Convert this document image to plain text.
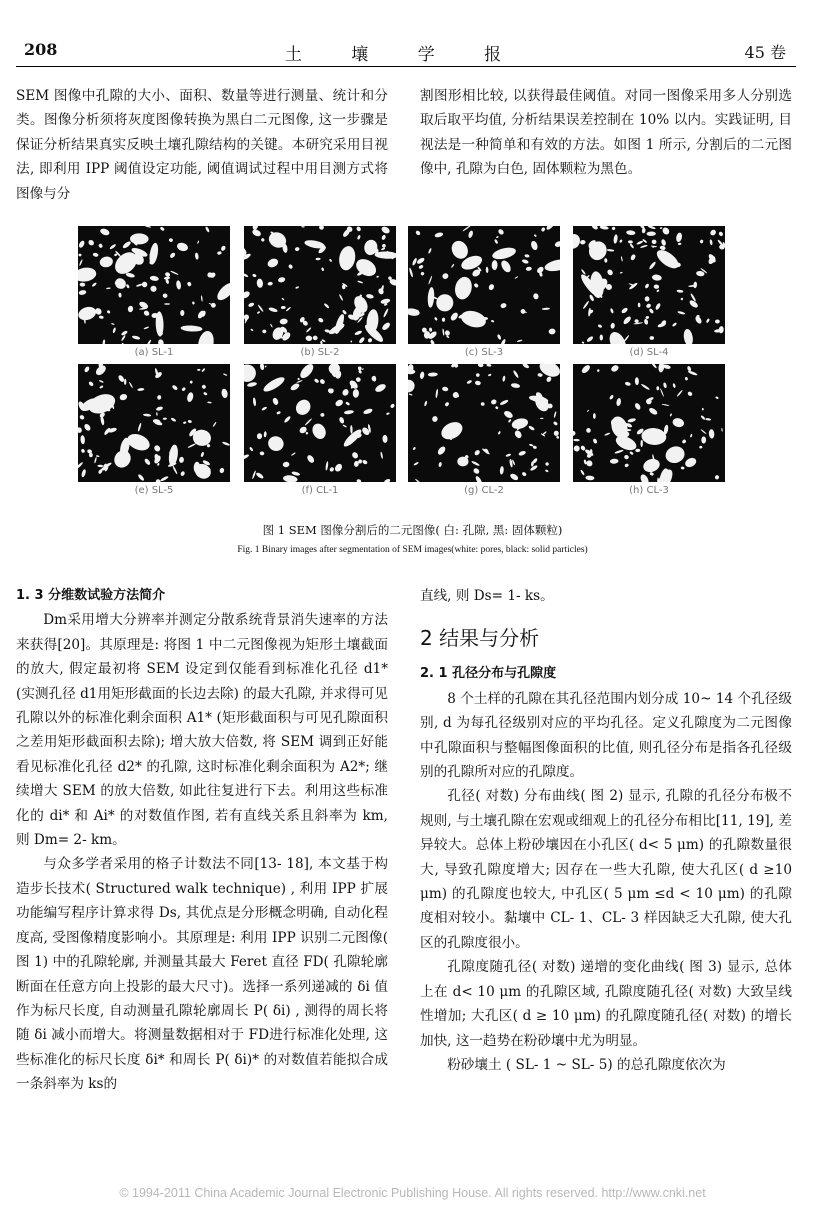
208	土 壤 学 报	45 卷

SEM 图像中孔隙的大小、面积、数量等进行测量、统计和分类。图像分析须将灰度图像转换为黑白二元图像, 这一步骤是保证分析结果真实反映土壤孔隙结构的关键。本研究采用目视法, 即利用 IPP 阈值设定功能, 阈值调试过程中用目测方式将图像与分

割图形相比较, 以获得最佳阈值。对同一图像采用多人分别选取后取平均值, 分析结果误差控制在 10% 以内。实践证明, 目视法是一种简单和有效的方法。如图 1 所示, 分割后的二元图像中, 孔隙为白色, 固体颗粒为黑色。

(a) SL-1	(b) SL-2	(c) SL-3	(d) SL-4
(e) SL-5	(f) CL-1	(g) CL-2	(h) CL-3
图 1 SEM 图像分割后的二元图像( 白: 孔隙, 黑: 固体颗粒)
Fig. 1 Binary images after segmentation of SEM images(white: pores, black: solid particles)

1. 3 分维数试验方法简介

Dm采用增大分辨率并测定分散系统背景消失速率的方法来获得[20]。其原理是: 将图 1 中二元图像视为矩形土壤截面的放大, 假定最初将 SEM 设定到仅能看到标准化孔径 d1* (实测孔径 d1用矩形截面的长边去除) 的最大孔隙, 并求得可见孔隙以外的标准化剩余面积 A1* (矩形截面积与可见孔隙面积之差用矩形截面积去除); 增大放大倍数, 将 SEM 调到正好能看见标准化孔径 d2* 的孔隙, 这时标准化剩余面积为 A2*; 继续增大 SEM 的放大倍数, 如此往复进行下去。利用这些标准化的 di* 和 Ai* 的对数值作图, 若有直线关系且斜率为 km, 则 Dm= 2- km。

与众多学者采用的格子计数法不同[13- 18], 本文基于构造步长技术( Structured walk technique) , 利用 IPP 扩展功能编写程序计算求得 Ds, 其优点是分形概念明确, 自动化程度高, 受图像精度影响小。其原理是: 利用 IPP 识别二元图像( 图 1) 中的孔隙轮廓, 并测量其最大 Feret 直径 FD( 孔隙轮廓断面在任意方向上投影的最大尺寸)。选择一系列递减的 δi 值作为标尺长度, 自动测量孔隙轮廓周长 P( δi) , 测得的周长将随 δi 减小而增大。将测量数据相对于 FD进行标准化处理, 这些标准化的标尺长度 δi* 和周长 P( δi)* 的对数值若能拟合成一条斜率为 ks的

直线, 则 Ds= 1- ks。

2 结果与分析

2. 1 孔径分布与孔隙度

8 个土样的孔隙在其孔径范围内划分成 10~ 14 个孔径级别, d 为每孔径级别对应的平均孔径。定义孔隙度为二元图像中孔隙面积与整幅图像面积的比值, 则孔径分布是指各孔径级别的孔隙所对应的孔隙度。

孔径( 对数) 分布曲线( 图 2) 显示, 孔隙的孔径分布极不规则, 与土壤孔隙在宏观或细观上的孔径分布相比[11, 19], 差异较大。总体上粉砂壤因在小孔区( d< 5 μm) 的孔隙数量很大, 导致孔隙度增大; 因存在一些大孔隙, 使大孔区( d ≥10 μm) 的孔隙度也较大, 中孔区( 5 μm ≤d < 10 μm) 的孔隙度相对较小。黏壤中 CL- 1、CL- 3 样因缺乏大孔隙, 使大孔区的孔隙度很小。

孔隙度随孔径( 对数) 递增的变化曲线( 图 3) 显示, 总体上在 d< 10 μm 的孔隙区域, 孔隙度随孔径( 对数) 大致呈线性增加; 大孔区( d ≥ 10 μm) 的孔隙度随孔径( 对数) 的增长加快, 这一趋势在粉砂壤中尤为明显。

粉砂壤土 ( SL- 1 ~ SL- 5) 的总孔隙度依次为

© 1994-2011 China Academic Journal Electronic Publishing House. All rights reserved. http://www.cnki.net
